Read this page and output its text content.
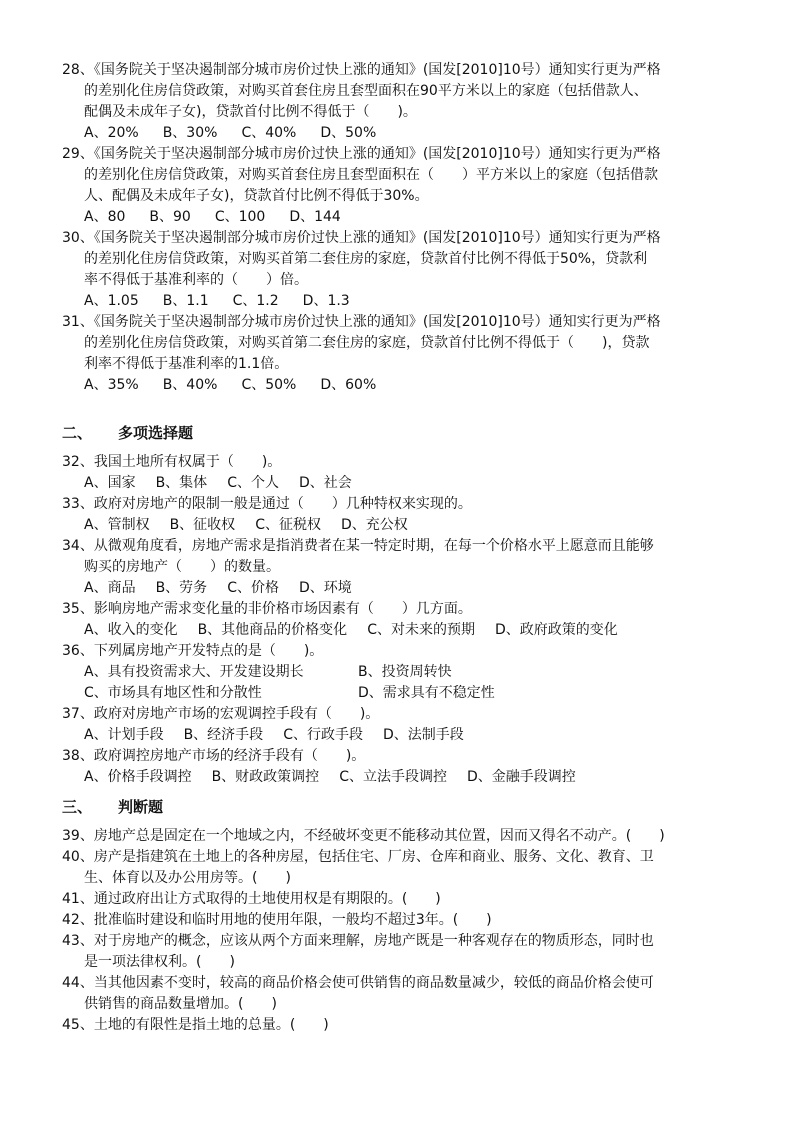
28、《国务院关于坚决遏制部分城市房价过快上涨的通知》(国发[2010]10号）通知实行更为严格
的差别化住房信贷政策，对购买首套住房且套型面积在90平方米以上的家庭（包括借款人、
配偶及未成年子女)，贷款首付比例不得低于（　　)。
A、20% B、30% C、40% D、50%
29、《国务院关于坚决遏制部分城市房价过快上涨的通知》(国发[2010]10号）通知实行更为严格
的差别化住房信贷政策，对购买首套住房且套型面积在（　　）平方米以上的家庭（包括借款
人、配偶及未成年子女)，贷款首付比例不得低于30%。
A、80 B、90 C、100 D、144
30、《国务院关于坚决遏制部分城市房价过快上涨的通知》(国发[2010]10号）通知实行更为严格
的差别化住房信贷政策，对购买首第二套住房的家庭，贷款首付比例不得低于50%，贷款利
率不得低于基准利率的（　　）倍。
A、1.05 B、1.1 C、1.2 D、1.3
31、《国务院关于坚决遏制部分城市房价过快上涨的通知》(国发[2010]10号）通知实行更为严格
的差别化住房信贷政策，对购买首第二套住房的家庭，贷款首付比例不得低于（　　)，贷款
利率不得低于基准利率的1.1倍。
A、35% B、40% C、50% D、60%
二、 多项选择题
32、我国土地所有权属于（　　)。
A、国家 B、集体 C、个人 D、社会
33、政府对房地产的限制一般是通过（　　）几种特权来实现的。
A、管制权 B、征收权 C、征税权 D、充公权
34、从微观角度看，房地产需求是指消费者在某一特定时期，在每一个价格水平上愿意而且能够
购买的房地产（　　）的数量。
A、商品 B、劳务 C、价格 D、环境
35、影响房地产需求变化量的非价格市场因素有（　　）几方面。
A、收入的变化 B、其他商品的价格变化 C、对未来的预期 D、政府政策的变化
36、下列属房地产开发特点的是（　　)。
A、具有投资需求大、开发建设期长	B、投资周转快
C、市场具有地区性和分散性	D、需求具有不稳定性
37、政府对房地产市场的宏观调控手段有（　　)。
A、计划手段 B、经济手段 C、行政手段 D、法制手段
38、政府调控房地产市场的经济手段有（　　)。
A、价格手段调控 B、财政政策调控 C、立法手段调控 D、金融手段调控
三、 判断题
39、房地产总是固定在一个地域之内，不经破坏变更不能移动其位置，因而又得名不动产。(　　)
40、房产是指建筑在土地上的各种房屋，包括住宅、厂房、仓库和商业、服务、文化、教育、卫
生、体育以及办公用房等。(　　)
41、通过政府出让方式取得的土地使用权是有期限的。(　　)
42、批准临时建设和临时用地的使用年限，一般均不超过3年。(　　)
43、对于房地产的概念，应该从两个方面来理解，房地产既是一种客观存在的物质形态，同时也
是一项法律权利。(　　)
44、当其他因素不变时，较高的商品价格会使可供销售的商品数量减少，较低的商品价格会使可
供销售的商品数量增加。(　　)
45、土地的有限性是指土地的总量。(　　)
